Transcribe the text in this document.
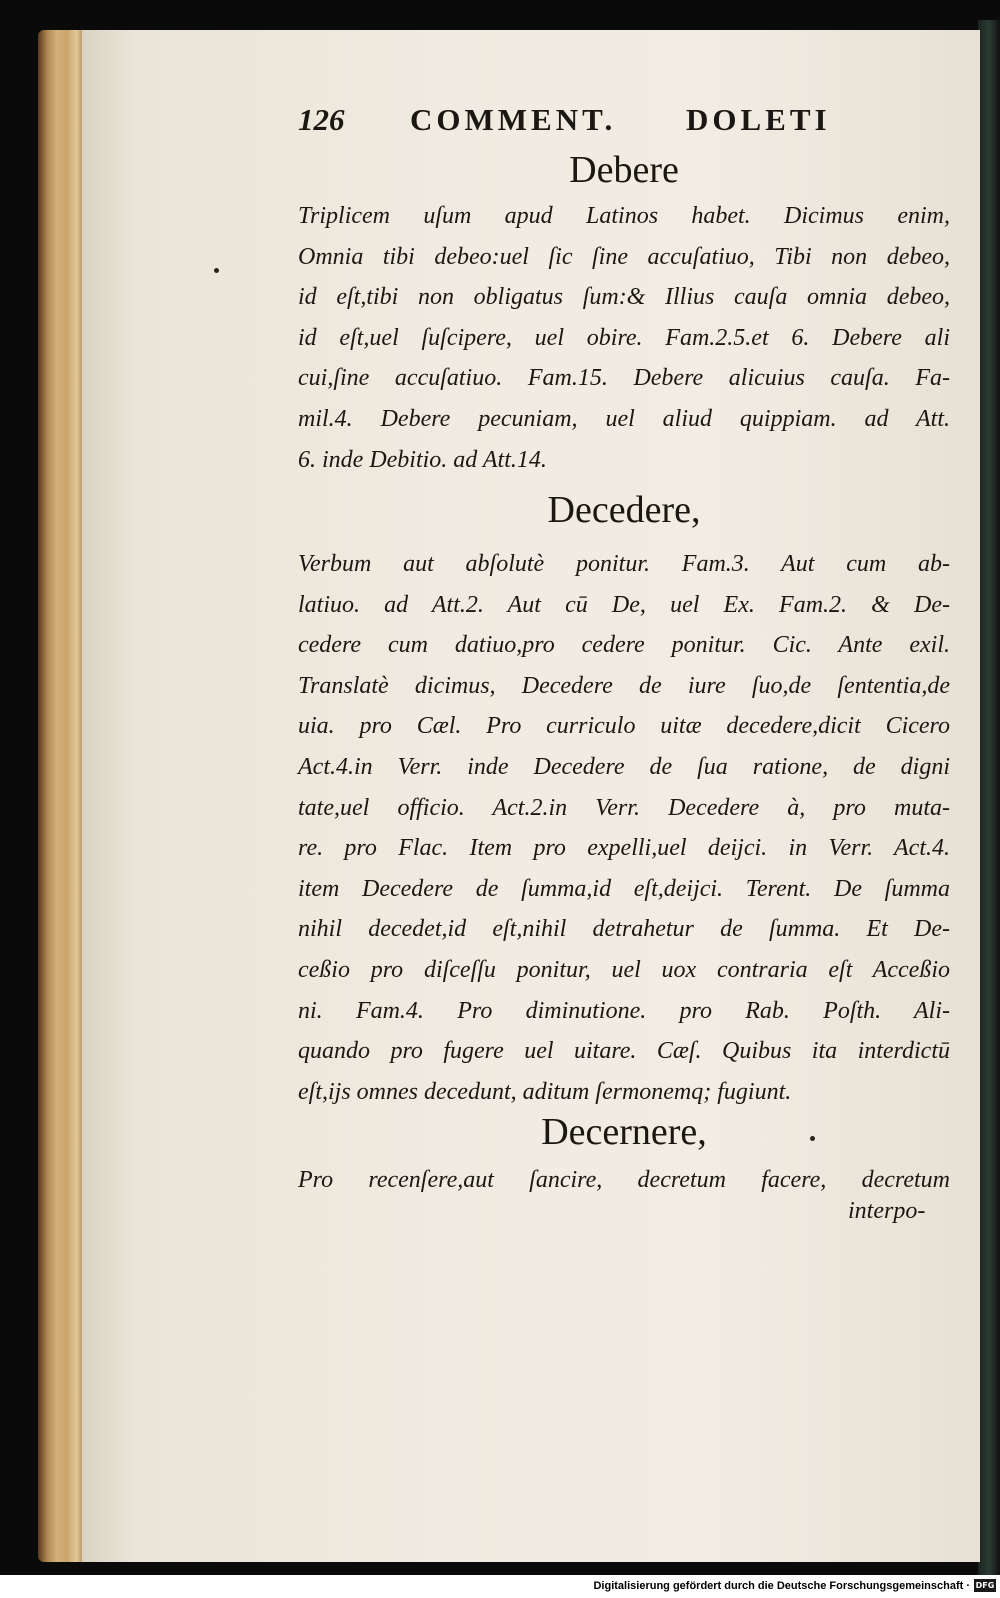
126 COMMENT. DOLETI
Debere
Triplicem uſum apud Latinos habet. Dicimus enim,
Omnia tibi debeo:uel ſic ſine accuſatiuo, Tibi non debeo,
id eſt,tibi non obligatus ſum:& Illius cauſa omnia debeo,
id eſt,uel ſuſcipere, uel obire. Fam.2.5.et 6. Debere ali
cui,ſine accuſatiuo. Fam.15. Debere alicuius cauſa. Fa-
mil.4. Debere pecuniam, uel aliud quippiam. ad Att.
6. inde Debitio. ad Att.14.
Decedere,
Verbum aut abſolutè ponitur. Fam.3. Aut cum ab-
latiuo. ad Att.2. Aut cū De, uel Ex. Fam.2. & De-
cedere cum datiuo,pro cedere ponitur. Cic. Ante exil.
Translatè dicimus, Decedere de iure ſuo,de ſententia,de
uia. pro Cæl. Pro curriculo uitæ decedere,dicit Cicero
Act.4.in Verr. inde Decedere de ſua ratione, de digni
tate,uel officio. Act.2.in Verr. Decedere à, pro muta-
re. pro Flac. Item pro expelli,uel deijci. in Verr. Act.4.
item Decedere de ſumma,id eſt,deijci. Terent. De ſumma
nihil decedet,id eſt,nihil detrahetur de ſumma. Et De-
ceßio pro diſceſſu ponitur, uel uox contraria eſt Acceßio
ni. Fam.4. Pro diminutione. pro Rab. Poſth. Ali-
quando pro fugere uel uitare. Cæſ. Quibus ita interdictū
eſt,ijs omnes decedunt, aditum ſermonemq; fugiunt.
Decernere,
Pro recenſere,aut ſancire, decretum facere, decretum
interpo-
Digitalisierung gefördert durch die Deutsche Forschungsgemeinschaft · DFG
